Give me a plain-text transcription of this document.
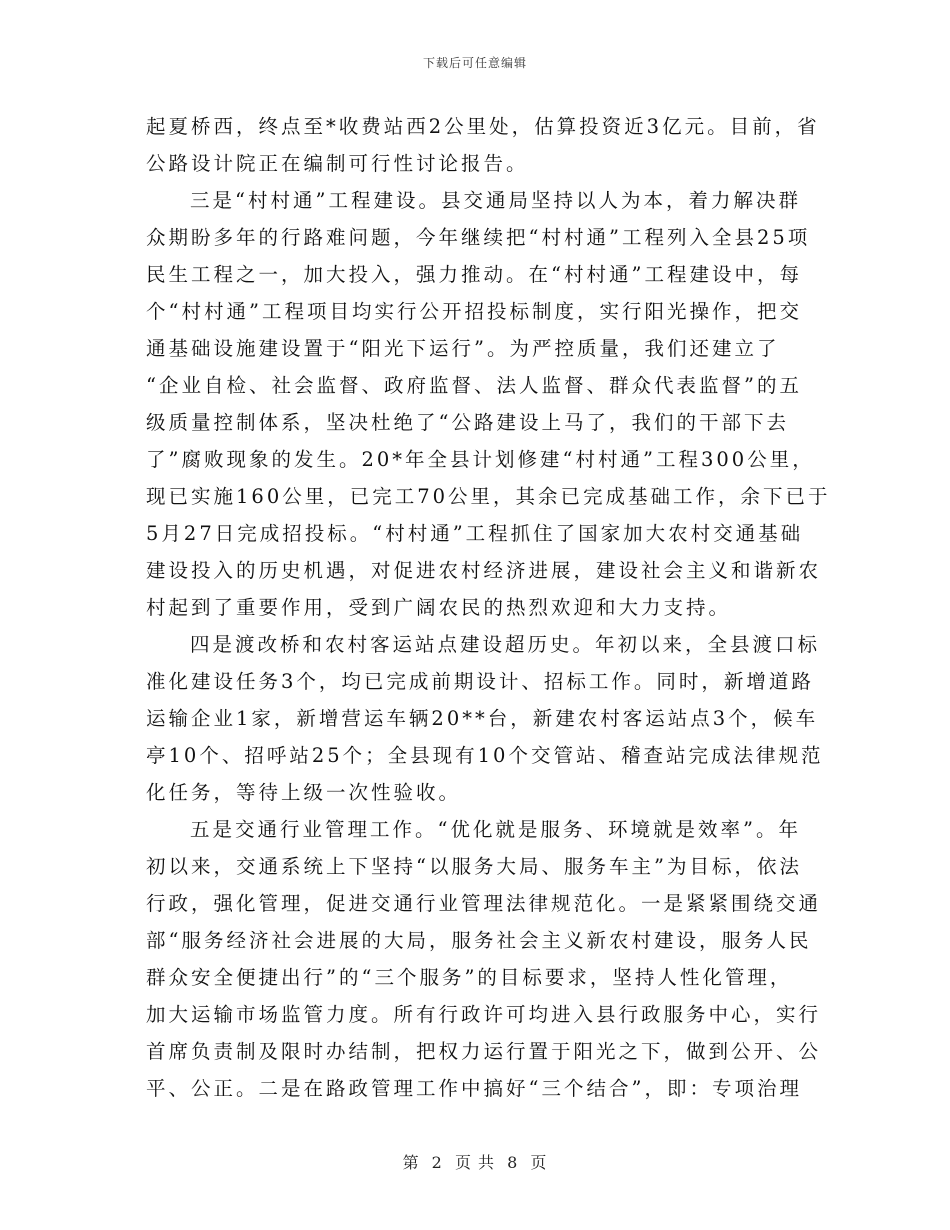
下载后可任意编辑
起夏桥西，终点至*收费站西2公里处，估算投资近3亿元。目前，省
公路设计院正在编制可行性讨论报告。
三是“村村通”工程建设。县交通局坚持以人为本，着力解决群
众期盼多年的行路难问题，今年继续把“村村通”工程列入全县25项
民生工程之一，加大投入，强力推动。在“村村通”工程建设中，每
个“村村通”工程项目均实行公开招投标制度，实行阳光操作，把交
通基础设施建设置于“阳光下运行”。为严控质量，我们还建立了
“企业自检、社会监督、政府监督、法人监督、群众代表监督”的五
级质量控制体系，坚决杜绝了“公路建设上马了，我们的干部下去
了”腐败现象的发生。20*年全县计划修建“村村通”工程300公里，
现已实施160公里，已完工70公里，其余已完成基础工作，余下已于
5月27日完成招投标。“村村通”工程抓住了国家加大农村交通基础
建设投入的历史机遇，对促进农村经济进展，建设社会主义和谐新农
村起到了重要作用，受到广阔农民的热烈欢迎和大力支持。
四是渡改桥和农村客运站点建设超历史。年初以来，全县渡口标
准化建设任务3个，均已完成前期设计、招标工作。同时，新增道路
运输企业1家，新增营运车辆20**台，新建农村客运站点3个，候车
亭10个、招呼站25个；全县现有10个交管站、稽查站完成法律规范
化任务，等待上级一次性验收。
五是交通行业管理工作。“优化就是服务、环境就是效率”。年
初以来，交通系统上下坚持“以服务大局、服务车主”为目标，依法
行政，强化管理，促进交通行业管理法律规范化。一是紧紧围绕交通
部“服务经济社会进展的大局，服务社会主义新农村建设，服务人民
群众安全便捷出行”的“三个服务”的目标要求，坚持人性化管理，
加大运输市场监管力度。所有行政许可均进入县行政服务中心，实行
首席负责制及限时办结制，把权力运行置于阳光之下，做到公开、公
平、公正。二是在路政管理工作中搞好“三个结合”，即：专项治理
第 2 页 共 8 页
